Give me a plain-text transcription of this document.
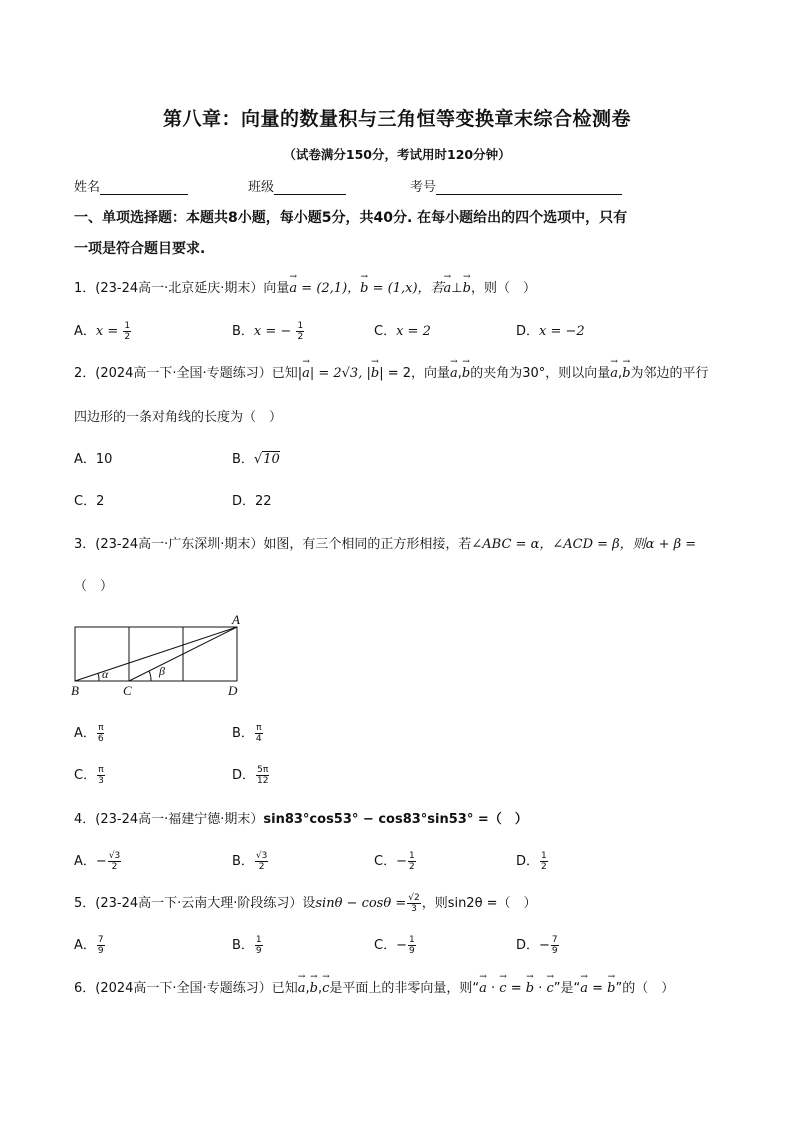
第八章：向量的数量积与三角恒等变换章末综合检测卷
（试卷满分150分，考试用时120分钟）
姓名	班级	考号
一、单项选择题：本题共8小题，每小题5分，共40分. 在每小题给出的四个选项中，只有
一项是符合题目要求.
1．(23-24高一·北京延庆·期末）向量→ a = (2,1)，→ b = (1,x)，若→ a⊥→ b，则（　）
A．$x = \frac{1}{2}$	B．x = − $\frac{1}{2}$	C．x = 2	D．x = −2
2．(2024高一下·全国·专题练习）已知|→ a| = 2√3, |→ b| = 2，向量→ a,→ b的夹角为30°，则以向量→ a,→ b为邻边的平行
四边形的一条对角线的长度为（　）
A．10	B．√10
C．2	D．22
3．(23-24高一·广东深圳·期末）如图，有三个相同的正方形相接，若∠ABC = α，∠ACD = β，则α + β =
（　）
A
B	C	D
α	β
A． $\frac{\pi}{6}$	B． $\frac{\pi}{4}$
C． $\frac{\pi}{3}$	D． $\frac{5\pi}{12}$
4．(23-24高一·福建宁德·期末）sin83°cos53° − cos83°sin53° =（　）
A．− $\frac{√3}{2}$	B． $\frac{√3}{2}$	C．− $\frac{1}{2}$	D． $\frac{1}{2}$
5．(23-24高一下·云南大理·阶段练习）设$\sin\theta - \cos\theta = \frac{√2}{3}$ ，则sin2θ =（　）
A． $\frac{7}{9}$	B． $\frac{1}{9}$	C．− $\frac{1}{9}$	D．− $\frac{7}{9}$
6．(2024高一下·全国·专题练习）已知→ a,→ b,→ c是平面上的非零向量，则“→ a · → c = → b · → c”是“→ a = → b”的（　）
